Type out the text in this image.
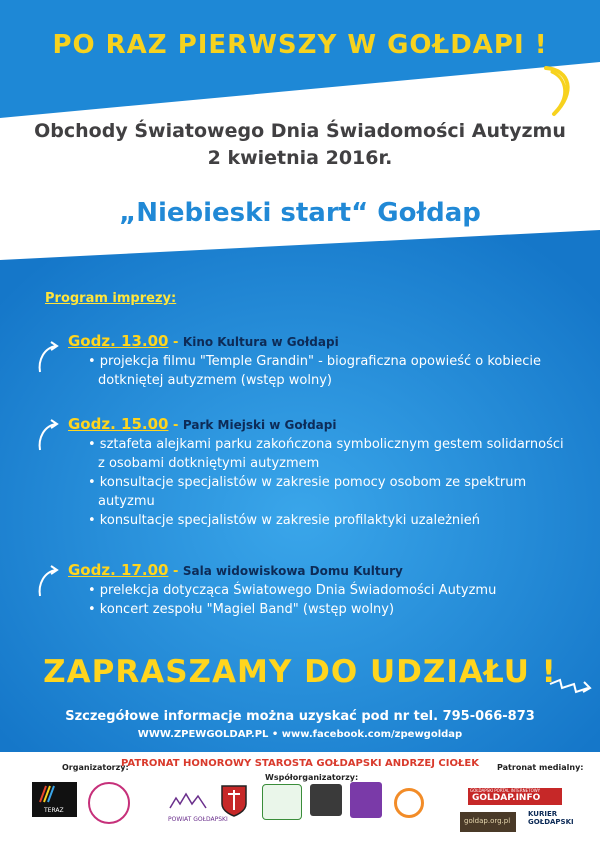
PO RAZ PIERWSZY W GOŁDAPI !
Obchody Światowego Dnia Świadomości Autyzmu
2 kwietnia 2016r.
„Niebieski start“ Gołdap
Program imprezy:
Godz. 13.00 - Kino Kultura w Gołdapi
• projekcja filmu "Temple Grandin" - biograficzna opowieść o kobiecie
dotkniętej autyzmem (wstęp wolny)
Godz. 15.00 - Park Miejski w Gołdapi
• sztafeta alejkami parku zakończona symbolicznym gestem solidarności
z osobami dotkniętymi autyzmem
• konsultacje specjalistów w zakresie pomocy osobom ze spektrum
autyzmu
• konsultacje specjalistów w zakresie profilaktyki uzależnień
Godz. 17.00 - Sala widowiskowa Domu Kultury
• prelekcja dotycząca Światowego Dnia Świadomości Autyzmu
• koncert zespołu "Magiel Band" (wstęp wolny)
ZAPRASZAMY DO UDZIAŁU !
Szczegółowe informacje można uzyskać pod nr tel. 795-066-873
WWW.ZPEWGOLDAP.PL • www.facebook.com/zpewgoldap
Organizatorzy:
PATRONAT HONOROWY STAROSTA GOŁDAPSKI ANDRZEJ CIOŁEK
Współorganizatorzy:
Patronat medialny:
TERAZ
POWIAT GOŁDAPSKI
GOŁDAPSKI PORTAL INTERNETOWY
GOLDAP.INFO
goldap.org.pl
KURIER
GOŁDAPSKI
